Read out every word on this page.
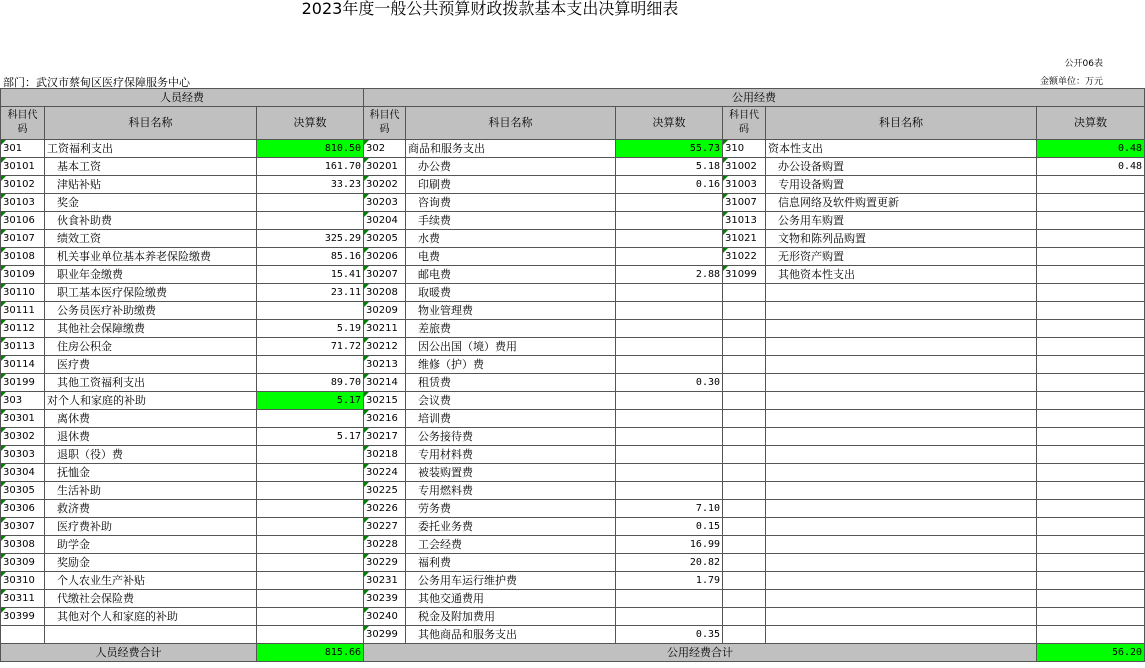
2023年度一般公共预算财政拨款基本支出决算明细表
公开06表
部门：武汉市蔡甸区医疗保障服务中心	金额单位：万元
人员经费			公用经费					
科目代码	科目名称	决算数	科目代码	科目名称	决算数	科目代码	科目名称	决算数
301	工资福利支出	810.50	302	商品和服务支出	55.73	310	资本性支出	0.48
30101	基本工资	161.70	30201	办公费	5.18	31002	办公设备购置	0.48
30102	津贴补贴	33.23	30202	印刷费	0.16	31003	专用设备购置	
30103	奖金		30203	咨询费		31007	信息网络及软件购置更新	
30106	伙食补助费		30204	手续费		31013	公务用车购置	
30107	绩效工资	325.29	30205	水费		31021	文物和陈列品购置	
30108	机关事业单位基本养老保险缴费	85.16	30206	电费		31022	无形资产购置	
30109	职业年金缴费	15.41	30207	邮电费	2.88	31099	其他资本性支出	
30110	职工基本医疗保险缴费	23.11	30208	取暖费				
30111	公务员医疗补助缴费		30209	物业管理费				
30112	其他社会保障缴费	5.19	30211	差旅费				
30113	住房公积金	71.72	30212	因公出国（境）费用				
30114	医疗费		30213	维修（护）费				
30199	其他工资福利支出	89.70	30214	租赁费	0.30			
303	对个人和家庭的补助	5.17	30215	会议费				
30301	离休费		30216	培训费				
30302	退休费	5.17	30217	公务接待费				
30303	退职（役）费		30218	专用材料费				
30304	抚恤金		30224	被装购置费				
30305	生活补助		30225	专用燃料费				
30306	救济费		30226	劳务费	7.10			
30307	医疗费补助		30227	委托业务费	0.15			
30308	助学金		30228	工会经费	16.99			
30309	奖励金		30229	福利费	20.82			
30310	个人农业生产补贴		30231	公务用车运行维护费	1.79			
30311	代缴社会保险费		30239	其他交通费用				
30399	其他对个人和家庭的补助		30240	税金及附加费用				
			30299	其他商品和服务支出	0.35			
人员经费合计		815.66	公用经费合计					56.20
